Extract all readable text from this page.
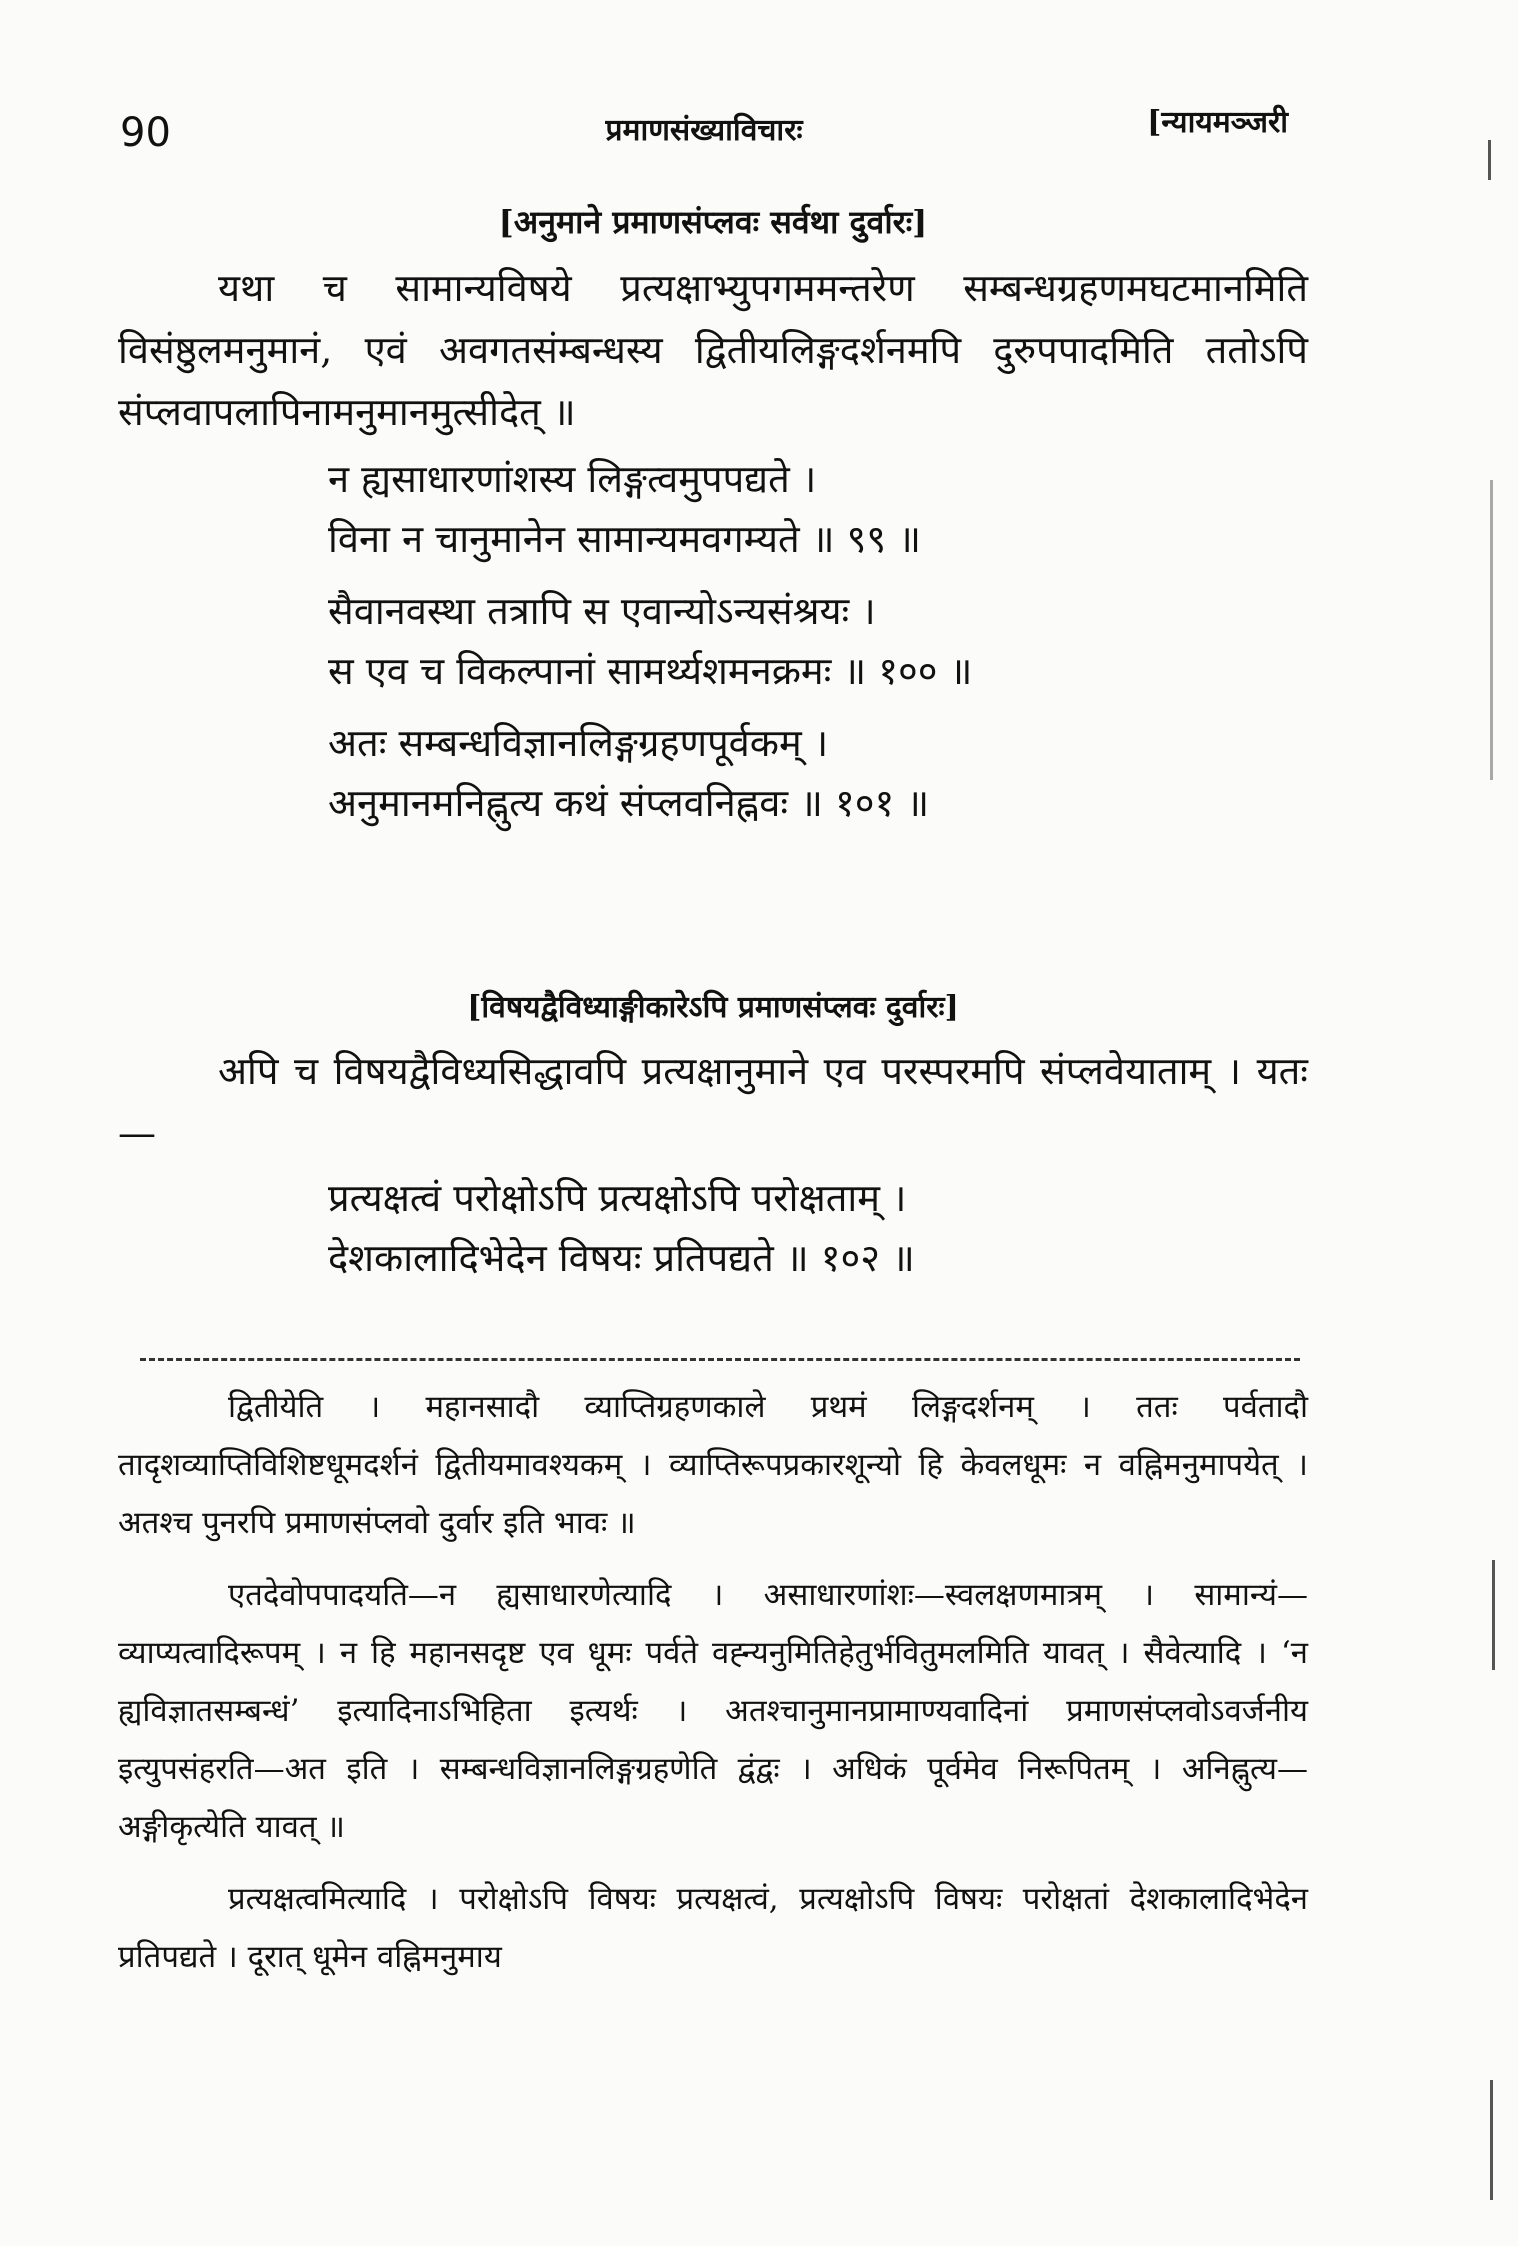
90	प्रमाणसंख्याविचारः	[न्यायमञ्जरी
[अनुमाने प्रमाणसंप्लवः सर्वथा दुर्वारः]

यथा च सामान्यविषये प्रत्यक्षाभ्युपगममन्तरेण सम्बन्धग्रहणमघटमानमिति विसंष्ठुलमनुमानं, एवं अवगतसंम्बन्धस्य द्वितीयलिङ्गदर्शनमपि दुरुपपादमिति ततोऽपि संप्लवापलापिनामनुमानमुत्सीदेत् ॥

न ह्यसाधारणांशस्य लिङ्गत्वमुपपद्यते ।
विना न चानुमानेन सामान्यमवगम्यते ॥ ९९ ॥
सैवानवस्था तत्रापि स एवान्योऽन्यसंश्रयः ।
स एव च विकल्पानां सामर्थ्यशमनक्रमः ॥ १०० ॥
अतः सम्बन्धविज्ञानलिङ्गग्रहणपूर्वकम् ।
अनुमानमनिह्नुत्य कथं संप्लवनिह्नवः ॥ १०१ ॥
[विषयद्वैविध्याङ्गीकारेऽपि प्रमाणसंप्लवः दुर्वारः]

अपि च विषयद्वैविध्यसिद्धावपि प्रत्यक्षानुमाने एव परस्परमपि संप्लवेयाताम् । यतः—

प्रत्यक्षत्वं परोक्षोऽपि प्रत्यक्षोऽपि परोक्षताम् ।
देशकालादिभेदेन विषयः प्रतिपद्यते ॥ १०२ ॥

द्वितीयेति । महानसादौ व्याप्तिग्रहणकाले प्रथमं लिङ्गदर्शनम् । ततः पर्वतादौ तादृशव्याप्तिविशिष्टधूमदर्शनं द्वितीयमावश्यकम् । व्याप्तिरूपप्रकारशून्यो हि केवलधूमः न वह्निमनुमापयेत् । अतश्च पुनरपि प्रमाणसंप्लवो दुर्वार इति भावः ॥

एतदेवोपपादयति—न ह्यसाधारणेत्यादि । असाधारणांशः—स्वलक्षणमात्रम् । सामान्यं—व्याप्यत्वादिरूपम् । न हि महानसदृष्ट एव धूमः पर्वते वह्न्यनुमितिहेतुर्भवितुमलमिति यावत् । सैवेत्यादि । ‘न ह्यविज्ञातसम्बन्धं’ इत्यादिनाऽभिहिता इत्यर्थः । अतश्चानुमानप्रामाण्यवादिनां प्रमाणसंप्लवोऽवर्जनीय इत्युपसंहरति—अत इति । सम्बन्धविज्ञानलिङ्गग्रहणेति द्वंद्वः । अधिकं पूर्वमेव निरूपितम् । अनिह्नुत्य—अङ्गीकृत्येति यावत् ॥

प्रत्यक्षत्वमित्यादि । परोक्षोऽपि विषयः प्रत्यक्षत्वं, प्रत्यक्षोऽपि विषयः परोक्षतां देशकालादिभेदेन प्रतिपद्यते । दूरात् धूमेन वह्निमनुमाय
